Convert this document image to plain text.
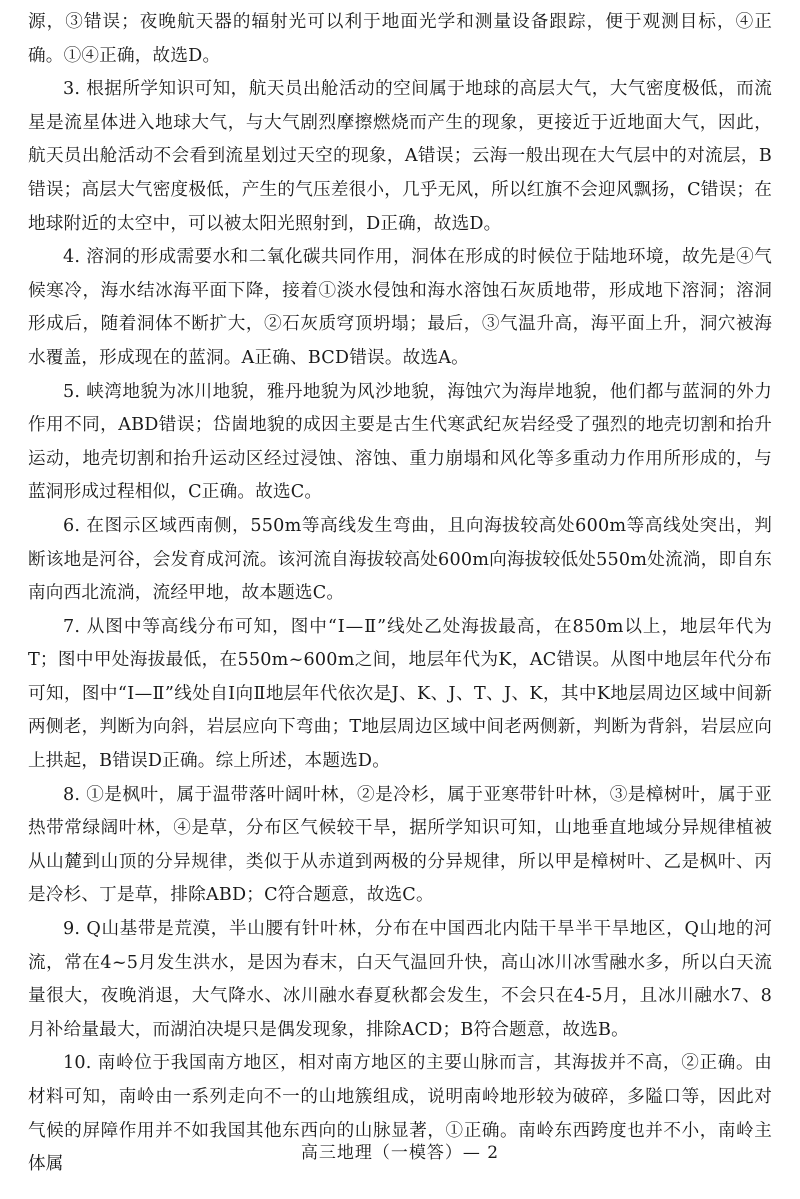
源，③错误；夜晚航天器的辐射光可以利于地面光学和测量设备跟踪，便于观测目标，④正确。①④正确，故选D。

3. 根据所学知识可知，航天员出舱活动的空间属于地球的高层大气，大气密度极低，而流星是流星体进入地球大气，与大气剧烈摩擦燃烧而产生的现象，更接近于近地面大气，因此，航天员出舱活动不会看到流星划过天空的现象，A错误；云海一般出现在大气层中的对流层，B错误；高层大气密度极低，产生的气压差很小，几乎无风，所以红旗不会迎风飘扬，C错误；在地球附近的太空中，可以被太阳光照射到，D正确，故选D。

4. 溶洞的形成需要水和二氧化碳共同作用，洞体在形成的时候位于陆地环境，故先是④气候寒冷，海水结冰海平面下降，接着①淡水侵蚀和海水溶蚀石灰质地带，形成地下溶洞；溶洞形成后，随着洞体不断扩大，②石灰质穹顶坍塌；最后，③气温升高，海平面上升，洞穴被海水覆盖，形成现在的蓝洞。A正确、BCD错误。故选A。

5. 峡湾地貌为冰川地貌，雅丹地貌为风沙地貌，海蚀穴为海岸地貌，他们都与蓝洞的外力作用不同，ABD错误；岱崮地貌的成因主要是古生代寒武纪灰岩经受了强烈的地壳切割和抬升运动，地壳切割和抬升运动区经过浸蚀、溶蚀、重力崩塌和风化等多重动力作用所形成的，与蓝洞形成过程相似，C正确。故选C。

6. 在图示区域西南侧，550m等高线发生弯曲，且向海拔较高处600m等高线处突出，判断该地是河谷，会发育成河流。该河流自海拔较高处600m向海拔较低处550m处流淌，即自东南向西北流淌，流经甲地，故本题选C。

7. 从图中等高线分布可知，图中“Ⅰ—Ⅱ”线处乙处海拔最高，在850m以上，地层年代为T；图中甲处海拔最低，在550m~600m之间，地层年代为K，AC错误。从图中地层年代分布可知，图中“Ⅰ—Ⅱ”线处自Ⅰ向Ⅱ地层年代依次是J、K、J、T、J、K，其中K地层周边区域中间新两侧老，判断为向斜，岩层应向下弯曲；T地层周边区域中间老两侧新，判断为背斜，岩层应向上拱起，B错误D正确。综上所述，本题选D。

8. ①是枫叶，属于温带落叶阔叶林，②是冷杉，属于亚寒带针叶林，③是樟树叶，属于亚热带常绿阔叶林，④是草，分布区气候较干旱，据所学知识可知，山地垂直地域分异规律植被从山麓到山顶的分异规律，类似于从赤道到两极的分异规律，所以甲是樟树叶、乙是枫叶、丙是冷杉、丁是草，排除ABD；C符合题意，故选C。

9. Q山基带是荒漠，半山腰有针叶林，分布在中国西北内陆干旱半干旱地区，Q山地的河流，常在4~5月发生洪水，是因为春末，白天气温回升快，高山冰川冰雪融水多，所以白天流量很大，夜晚消退，大气降水、冰川融水春夏秋都会发生，不会只在4-5月，且冰川融水7、8月补给量最大，而湖泊决堤只是偶发现象，排除ACD；B符合题意，故选B。

10. 南岭位于我国南方地区，相对南方地区的主要山脉而言，其海拔并不高，②正确。由材料可知，南岭由一系列走向不一的山地簇组成，说明南岭地形较为破碎，多隘口等，因此对气候的屏障作用并不如我国其他东西向的山脉显著，①正确。南岭东西跨度也并不小，南岭主体属

高三地理（一模答）— 2
